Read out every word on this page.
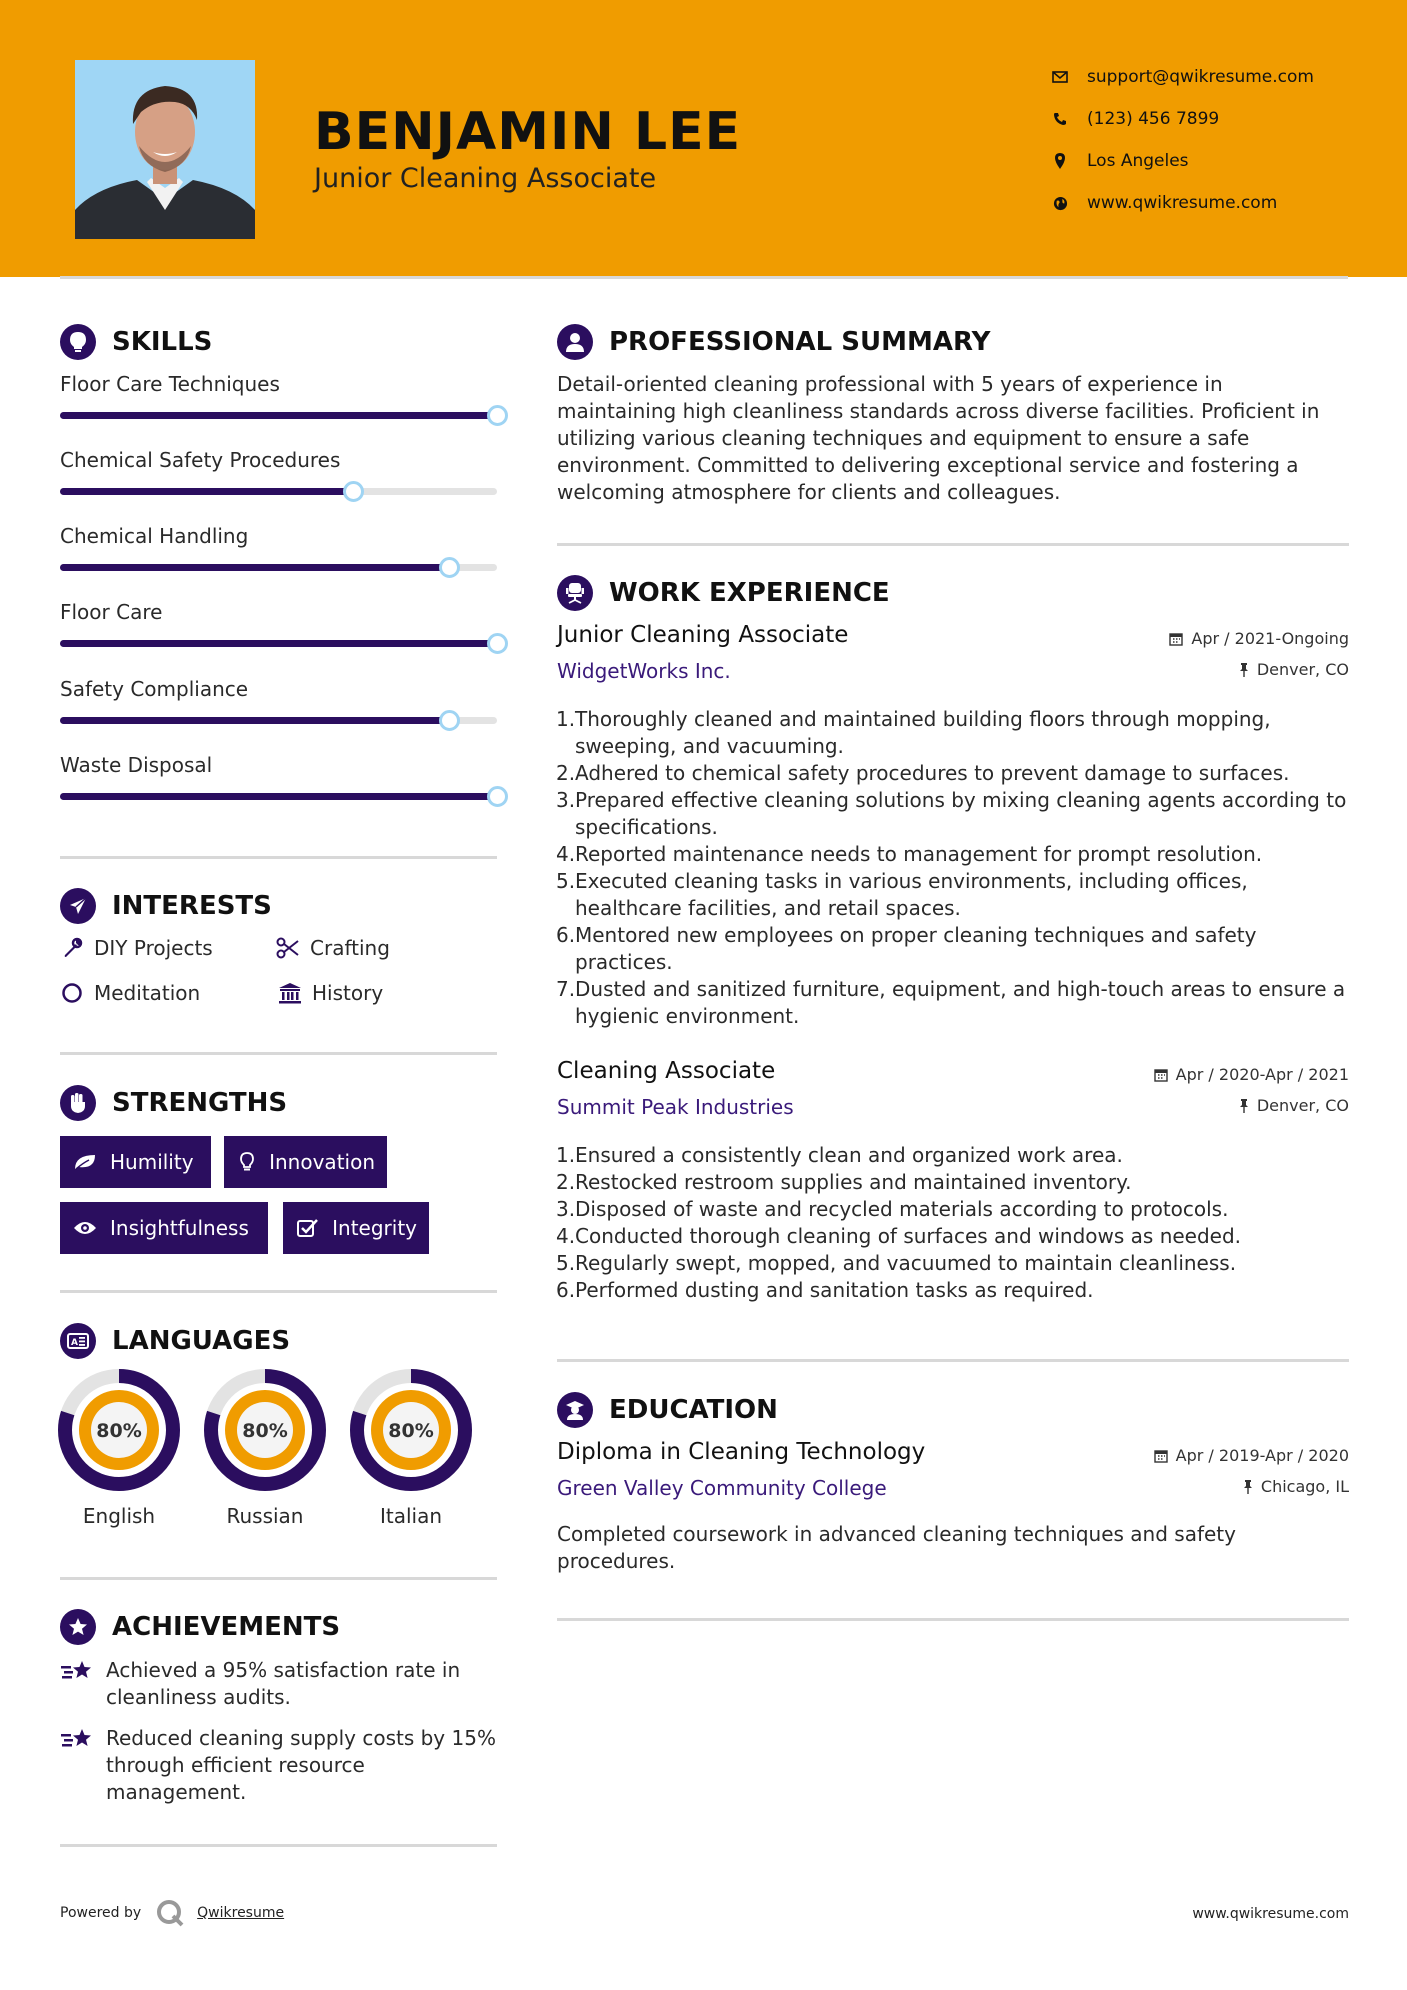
BENJAMIN LEE
Junior Cleaning Associate
support@qwikresume.com
(123) 456 7899
Los Angeles
www.qwikresume.com
SKILLS
Floor Care Techniques
Chemical Safety Procedures
Chemical Handling
Floor Care
Safety Compliance
Waste Disposal
INTERESTS
DIY Projects	Crafting
Meditation	History
STRENGTHS
Humility	Innovation
Insightfulness	Integrity
A LANGUAGES
80%
English
80%
Russian
80%
Italian
ACHIEVEMENTS
Achieved a 95% satisfaction rate in cleanliness audits.
Reduced cleaning supply costs by 15% through efficient resource management.
PROFESSIONAL SUMMARY
Detail-oriented cleaning professional with 5 years of experience in maintaining high cleanliness standards across diverse facilities. Proficient in utilizing various cleaning techniques and equipment to ensure a safe environment. Committed to delivering exceptional service and fostering a welcoming atmosphere for clients and colleagues.
WORK EXPERIENCE
Junior Cleaning Associate
WidgetWorks Inc.
Apr / 2021-Ongoing
Denver, CO
Thoroughly cleaned and maintained building floors through mopping, sweeping, and vacuuming.
Adhered to chemical safety procedures to prevent damage to surfaces.
Prepared effective cleaning solutions by mixing cleaning agents according to specifications.
Reported maintenance needs to management for prompt resolution.
Executed cleaning tasks in various environments, including offices, healthcare facilities, and retail spaces.
Mentored new employees on proper cleaning techniques and safety practices.
Dusted and sanitized furniture, equipment, and high-touch areas to ensure a hygienic environment.
Cleaning Associate
Summit Peak Industries
Apr / 2020-Apr / 2021
Denver, CO
Ensured a consistently clean and organized work area.
Restocked restroom supplies and maintained inventory.
Disposed of waste and recycled materials according to protocols.
Conducted thorough cleaning of surfaces and windows as needed.
Regularly swept, mopped, and vacuumed to maintain cleanliness.
Performed dusting and sanitation tasks as required.
EDUCATION
Diploma in Cleaning Technology
Green Valley Community College
Apr / 2019-Apr / 2020
Chicago, IL
Completed coursework in advanced cleaning techniques and safety procedures.
Powered by	Qwikresume	www.qwikresume.com
